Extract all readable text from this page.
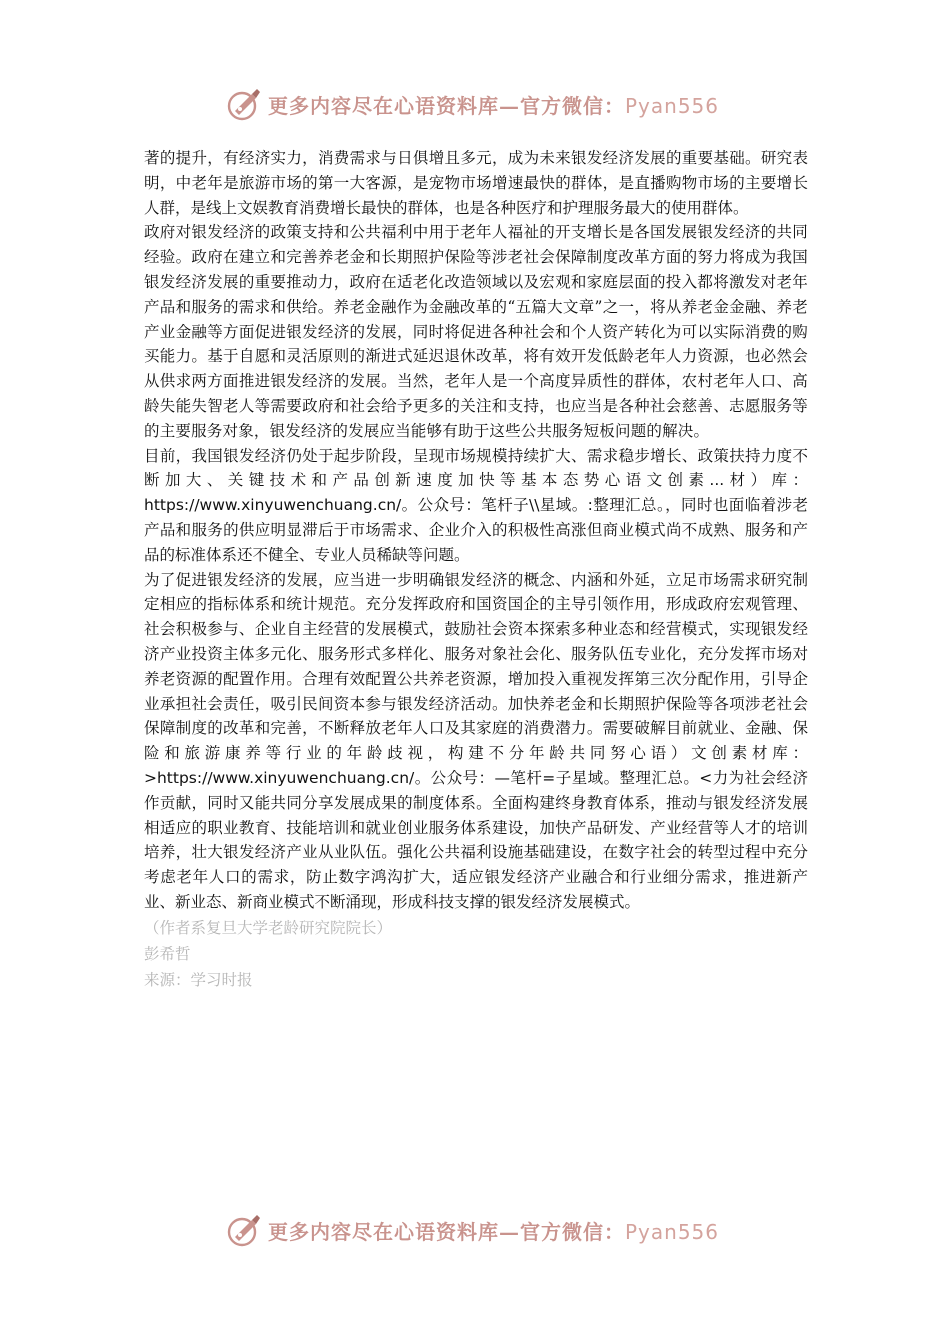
更多内容尽在心语资料库—官方微信：Pyan556

著的提升，有经济实力，消费需求与日俱增且多元，成为未来银发经济发展的重要基础。研究表明，中老年是旅游市场的第一大客源，是宠物市场增速最快的群体，是直播购物市场的主要增长人群，是线上文娱教育消费增长最快的群体，也是各种医疗和护理服务最大的使用群体。

政府对银发经济的政策支持和公共福利中用于老年人福祉的开支增长是各国发展银发经济的共同经验。政府在建立和完善养老金和长期照护保险等涉老社会保障制度改革方面的努力将成为我国银发经济发展的重要推动力，政府在适老化改造领域以及宏观和家庭层面的投入都将激发对老年产品和服务的需求和供给。养老金融作为金融改革的“五篇大文章”之一，将从养老金金融、养老产业金融等方面促进银发经济的发展，同时将促进各种社会和个人资产转化为可以实际消费的购买能力。基于自愿和灵活原则的渐进式延迟退休改革，将有效开发低龄老年人力资源，也必然会从供求两方面推进银发经济的发展。当然，老年人是一个高度异质性的群体，农村老年人口、高龄失能失智老人等需要政府和社会给予更多的关注和支持，也应当是各种社会慈善、志愿服务等的主要服务对象，银发经济的发展应当能够有助于这些公共服务短板问题的解决。

目前，我国银发经济仍处于起步阶段，呈现市场规模持续扩大、需求稳步增长、政策扶持力度不断加大、关键技术和产品创新速度加快等基本态势心语文创素...材）库：https://www.xinyuwenchuang.cn/。公众号：笔杆子\\星域。:整理汇总。，同时也面临着涉老产品和服务的供应明显滞后于市场需求、企业介入的积极性高涨但商业模式尚不成熟、服务和产品的标准体系还不健全、专业人员稀缺等问题。

为了促进银发经济的发展，应当进一步明确银发经济的概念、内涵和外延，立足市场需求研究制定相应的指标体系和统计规范。充分发挥政府和国资国企的主导引领作用，形成政府宏观管理、社会积极参与、企业自主经营的发展模式，鼓励社会资本探索多种业态和经营模式，实现银发经济产业投资主体多元化、服务形式多样化、服务对象社会化、服务队伍专业化，充分发挥市场对养老资源的配置作用。合理有效配置公共养老资源，增加投入重视发挥第三次分配作用，引导企业承担社会责任，吸引民间资本参与银发经济活动。加快养老金和长期照护保险等各项涉老社会保障制度的改革和完善，不断释放老年人口及其家庭的消费潜力。需要破解目前就业、金融、保险和旅游康养等行业的年龄歧视，构建不分年龄共同努心语）文创素材库：>https://www.xinyuwenchuang.cn/。公众号：—笔杆=子星域。整理汇总。<力为社会经济作贡献，同时又能共同分享发展成果的制度体系。全面构建终身教育体系，推动与银发经济发展相适应的职业教育、技能培训和就业创业服务体系建设，加快产品研发、产业经营等人才的培训培养，壮大银发经济产业从业队伍。强化公共福利设施基础建设，在数字社会的转型过程中充分考虑老年人口的需求，防止数字鸿沟扩大，适应银发经济产业融合和行业细分需求，推进新产业、新业态、新商业模式不断涌现，形成科技支撑的银发经济发展模式。

（作者系复旦大学老龄研究院院长）

彭希哲

来源：学习时报

更多内容尽在心语资料库—官方微信：Pyan556
